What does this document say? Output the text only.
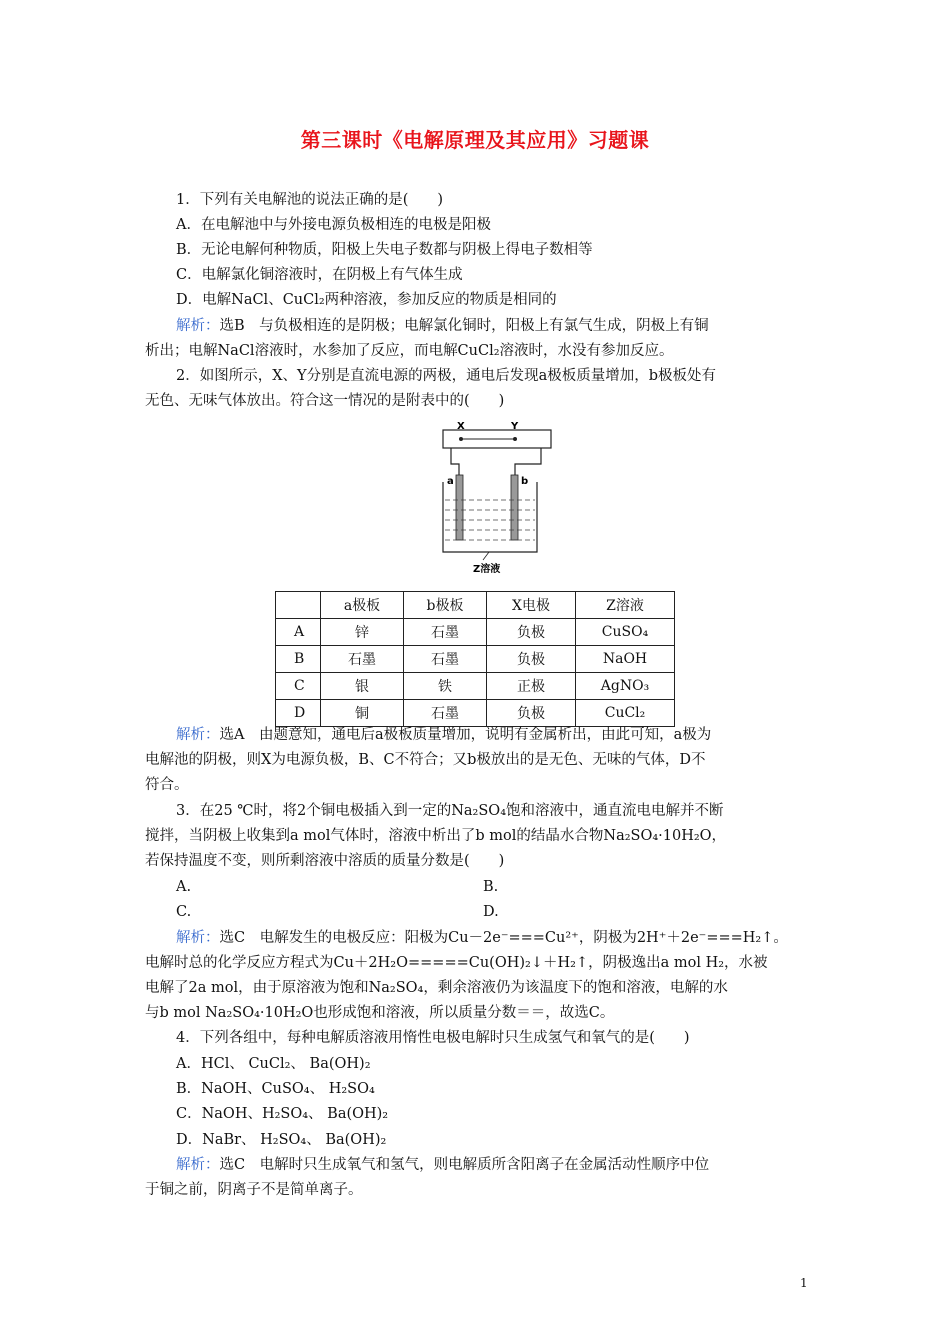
第三课时《电解原理及其应用》习题课
1．下列有关电解池的说法正确的是(　　)
A．在电解池中与外接电源负极相连的电极是阳极
B．无论电解何种物质，阳极上失电子数都与阴极上得电子数相等
C．电解氯化铜溶液时，在阴极上有气体生成
D．电解NaCl、CuCl₂两种溶液，参加反应的物质是相同的
解析：选B　与负极相连的是阴极；电解氯化铜时，阳极上有氯气生成，阴极上有铜
析出；电解NaCl溶液时，水参加了反应，而电解CuCl₂溶液时，水没有参加反应。
2．如图所示，X、Y分别是直流电源的两极，通电后发现a极板质量增加，b极板处有
无色、无味气体放出。符合这一情况的是附表中的(　　)
X	Y
a	b
Z溶液
	a极板	b极板	X电极	Z溶液
A	锌	石墨	负极	CuSO₄
B	石墨	石墨	负极	NaOH
C	银	铁	正极	AgNO₃
D	铜	石墨	负极	CuCl₂
解析：选A　由题意知，通电后a极板质量增加，说明有金属析出，由此可知，a极为
电解池的阴极，则X为电源负极，B、C不符合；又b极放出的是无色、无味的气体，D不
符合。
3．在25 ℃时，将2个铜电极插入到一定的Na₂SO₄饱和溶液中，通直流电电解并不断
搅拌，当阴极上收集到a mol气体时，溶液中析出了b mol的结晶水合物Na₂SO₄·10H₂O，
若保持温度不变，则所剩溶液中溶质的质量分数是(　　)
A.	B.
C.	D.
解析：选C　电解发生的电极反应：阳极为Cu－2e⁻===Cu²⁺，阴极为2H⁺＋2e⁻===H₂↑。
电解时总的化学反应方程式为Cu＋2H₂O=====Cu(OH)₂↓＋H₂↑，阴极逸出a mol H₂，水被
电解了2a mol，由于原溶液为饱和Na₂SO₄，剩余溶液仍为该温度下的饱和溶液，电解的水
与b mol Na₂SO₄·10H₂O也形成饱和溶液，所以质量分数＝＝，故选C。
4．下列各组中，每种电解质溶液用惰性电极电解时只生成氢气和氧气的是(　　)
A．HCl、 CuCl₂、 Ba(OH)₂
B．NaOH、CuSO₄、 H₂SO₄
C．NaOH、H₂SO₄、 Ba(OH)₂
D．NaBr、 H₂SO₄、 Ba(OH)₂
解析：选C　电解时只生成氧气和氢气，则电解质所含阳离子在金属活动性顺序中位
于铜之前，阴离子不是简单离子。
1
